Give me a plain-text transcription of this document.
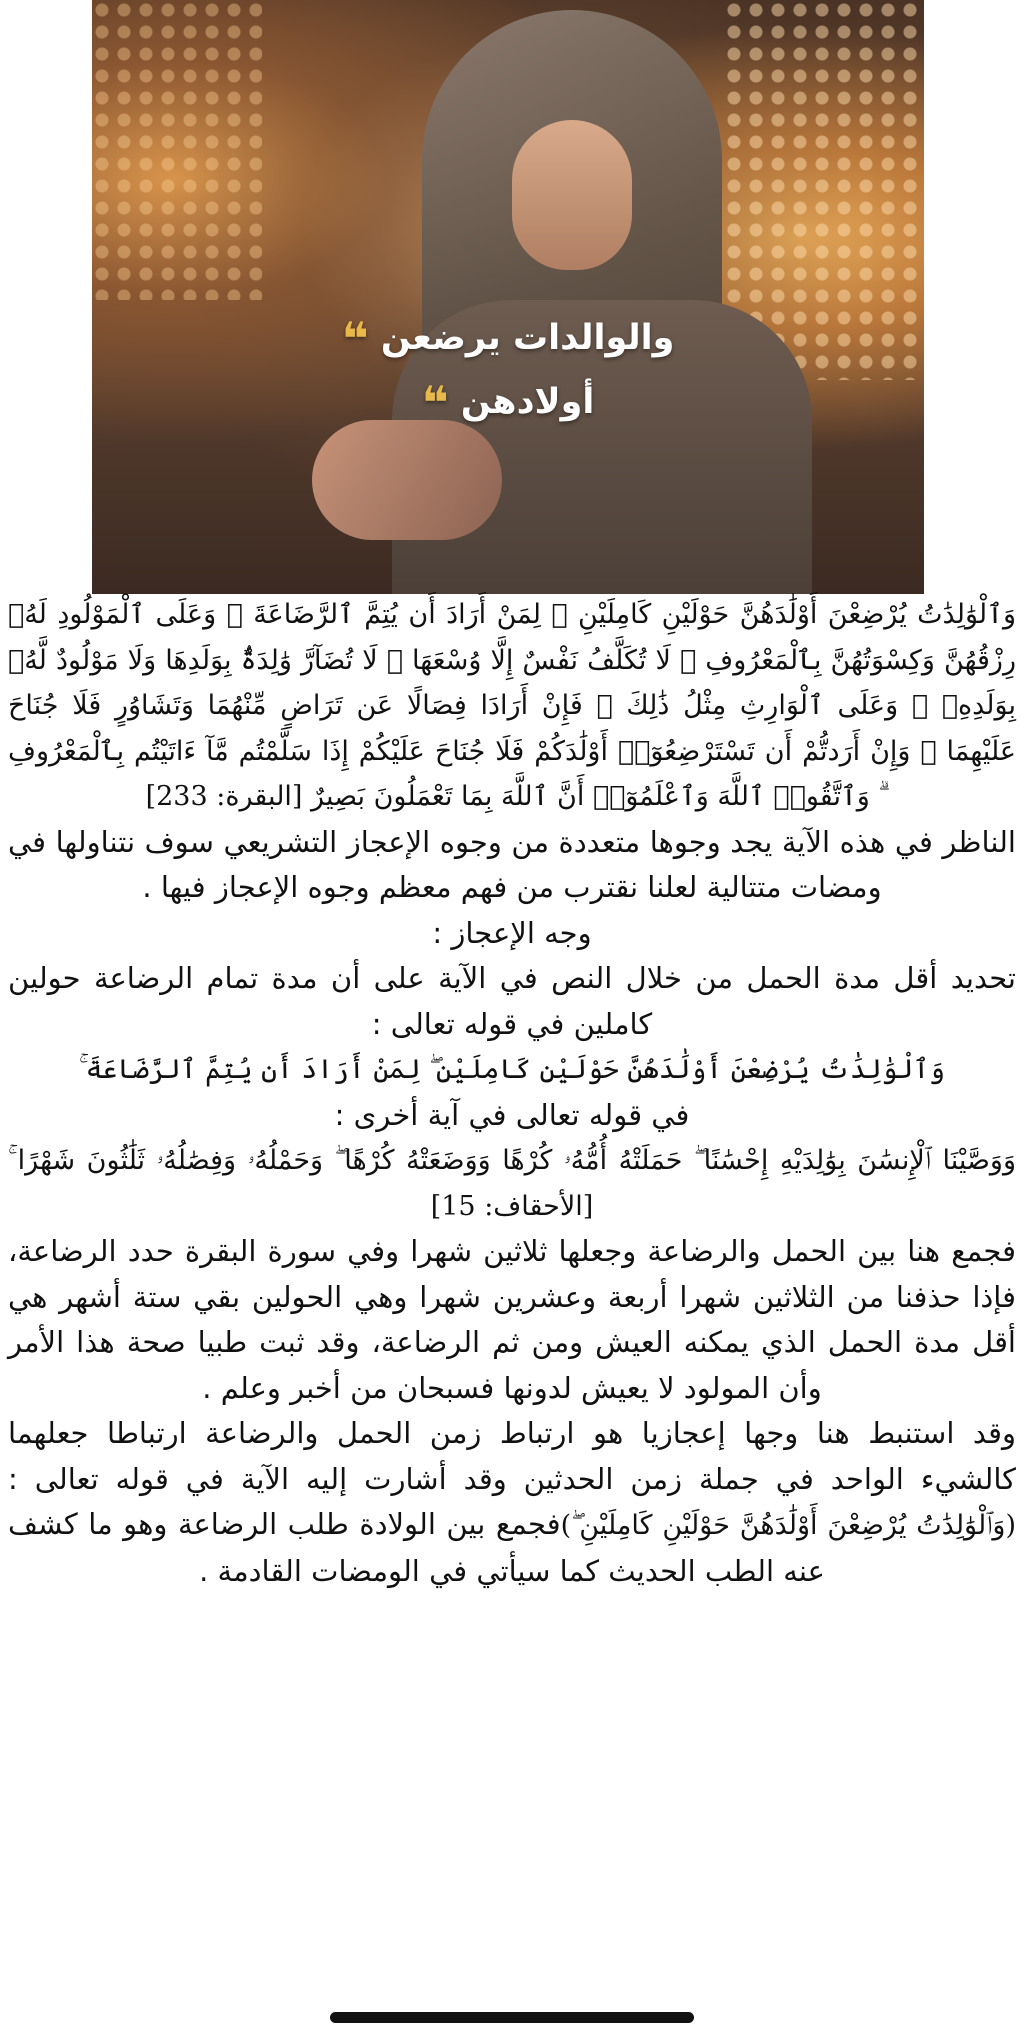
والوالدات يرضعن ❝
أولادهن ❝

وَٱلْوَٰلِدَٰتُ يُرْضِعْنَ أَوْلَٰدَهُنَّ حَوْلَيْنِ كَامِلَيْنِ ۖ لِمَنْ أَرَادَ أَن يُتِمَّ ٱلرَّضَاعَةَ ۚ وَعَلَى ٱلْمَوْلُودِ لَهُۥ رِزْقُهُنَّ وَكِسْوَتُهُنَّ بِٱلْمَعْرُوفِ ۚ لَا تُكَلَّفُ نَفْسٌ إِلَّا وُسْعَهَا ۚ لَا تُضَآرَّ وَٰلِدَةٌۢ بِوَلَدِهَا وَلَا مَوْلُودٌ لَّهُۥ بِوَلَدِهِۦ ۚ وَعَلَى ٱلْوَارِثِ مِثْلُ ذَٰلِكَ ۗ فَإِنْ أَرَادَا فِصَالًا عَن تَرَاضٍ مِّنْهُمَا وَتَشَاوُرٍ فَلَا جُنَاحَ عَلَيْهِمَا ۗ وَإِنْ أَرَدتُّمْ أَن تَسْتَرْضِعُوٓا۟ أَوْلَٰدَكُمْ فَلَا جُنَاحَ عَلَيْكُمْ إِذَا سَلَّمْتُم مَّآ ءَاتَيْتُم بِٱلْمَعْرُوفِ ۗ وَٱتَّقُوا۟ ٱللَّهَ وَٱعْلَمُوٓا۟ أَنَّ ٱللَّهَ بِمَا تَعْمَلُونَ بَصِيرٌ [البقرة: 233]

الناظر في هذه الآية يجد وجوها متعددة من وجوه الإعجاز التشريعي سوف نتناولها في ومضات متتالية لعلنا نقترب من فهم معظم وجوه الإعجاز فيها .

وجه الإعجاز :

تحديد أقل مدة الحمل من خلال النص في الآية على أن مدة تمام الرضاعة حولين كاملين في قوله تعالى :

وَٱلْوَٰلِدَٰتُ يُرْضِعْنَ أَوْلَٰدَهُنَّ حَوْلَيْنِ كَامِلَيْنِ ۖ لِمَنْ أَرَادَ أَن يُتِمَّ ٱلرَّضَاعَةَ ۚ

في قوله تعالى في آية أخرى :

وَوَصَّيْنَا ٱلْإِنسَٰنَ بِوَٰلِدَيْهِ إِحْسَٰنًا ۖ حَمَلَتْهُ أُمُّهُۥ كُرْهًا وَوَضَعَتْهُ كُرْهًا ۖ وَحَمْلُهُۥ وَفِصَٰلُهُۥ ثَلَٰثُونَ شَهْرًا ۚ [الأحقاف: 15]

فجمع هنا بين الحمل والرضاعة وجعلها ثلاثين شهرا وفي سورة البقرة حدد الرضاعة، فإذا حذفنا من الثلاثين شهرا أربعة وعشرين شهرا وهي الحولين بقي ستة أشهر هي أقل مدة الحمل الذي يمكنه العيش ومن ثم الرضاعة، وقد ثبت طبيا صحة هذا الأمر وأن المولود لا يعيش لدونها فسبحان من أخبر وعلم .

وقد استنبط هنا وجها إعجازيا هو ارتباط زمن الحمل والرضاعة ارتباطا جعلهما كالشيء الواحد في جملة زمن الحدثين وقد أشارت إليه الآية في قوله تعالى : (وَٱلْوَٰلِدَٰتُ يُرْضِعْنَ أَوْلَٰدَهُنَّ حَوْلَيْنِ كَامِلَيْنِ ۖ)فجمع بين الولادة طلب الرضاعة وهو ما كشف عنه الطب الحديث كما سيأتي في الومضات القادمة .
